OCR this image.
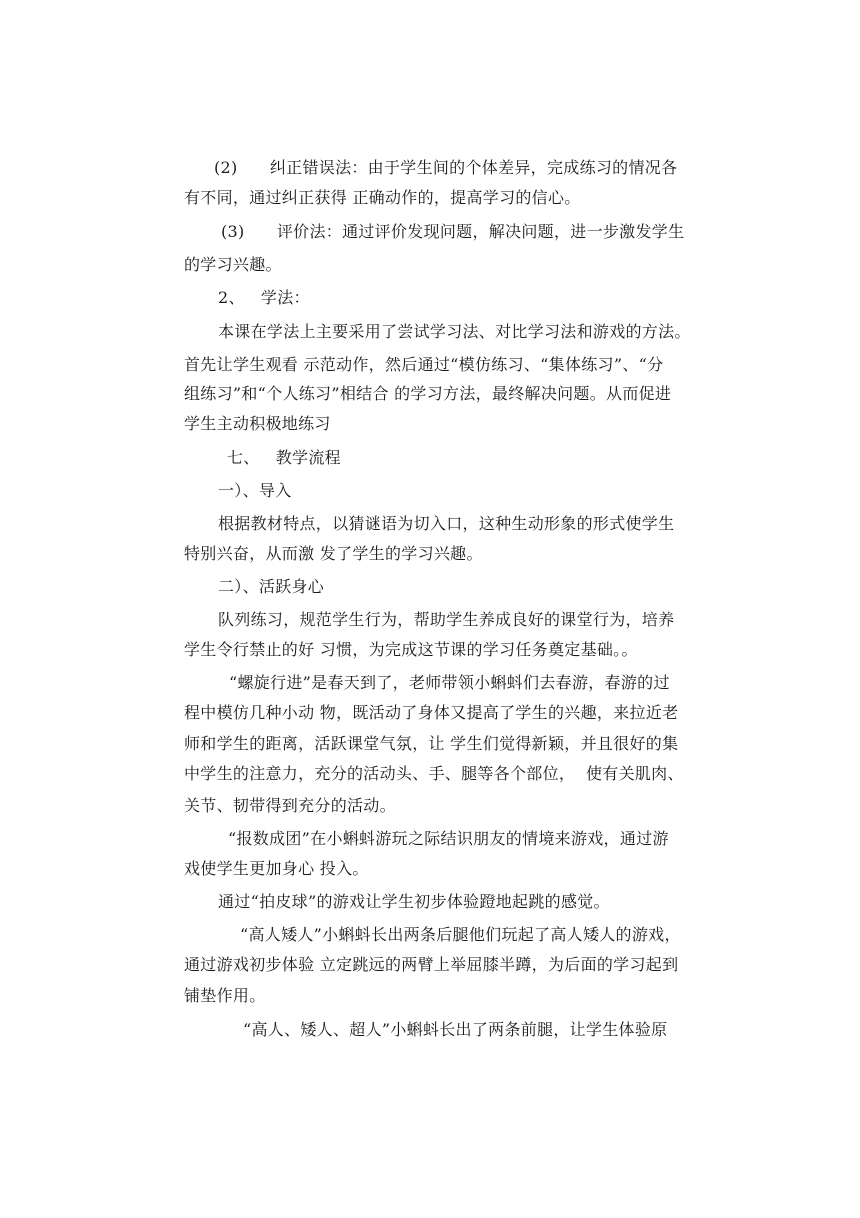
(2)      纠正错误法：由于学生间的个体差异，完成练习的情况各
有不同，通过纠正获得 正确动作的，提高学习的信心。
(3)      评价法：通过评价发现问题，解决问题，进一步激发学生
的学习兴趣。
2、   学法：
本课在学法上主要采用了尝试学习法、对比学习法和游戏的方法。
首先让学生观看 示范动作，然后通过“模仿练习、“集体练习”、“分
组练习”和“个人练习”相结合 的学习方法，最终解决问题。从而促进
学生主动积极地练习
七、   教学流程
一）、导入
根据教材特点，以猜谜语为切入口，这种生动形象的形式使学生
特别兴奋，从而激 发了学生的学习兴趣。
二）、活跃身心
队列练习，规范学生行为，帮助学生养成良好的课堂行为，培养
学生令行禁止的好 习惯，为完成这节课的学习任务奠定基础。。
“螺旋行进”是春天到了，老师带领小蝌蚪们去春游，春游的过
程中模仿几种小动 物，既活动了身体又提高了学生的兴趣，来拉近老
师和学生的距离，活跃课堂气氛，让 学生们觉得新颖，并且很好的集
中学生的注意力，充分的活动头、手、腿等各个部位，  使有关肌肉、
关节、韧带得到充分的活动。
“报数成团”在小蝌蚪游玩之际结识朋友的情境来游戏，通过游
戏使学生更加身心 投入。
通过“拍皮球”的游戏让学生初步体验蹬地起跳的感觉。
“高人矮人”小蝌蚪长出两条后腿他们玩起了高人矮人的游戏，
通过游戏初步体验 立定跳远的两臂上举屈膝半蹲，为后面的学习起到
铺垫作用。
“高人、矮人、超人”小蝌蚪长出了两条前腿，让学生体验原
